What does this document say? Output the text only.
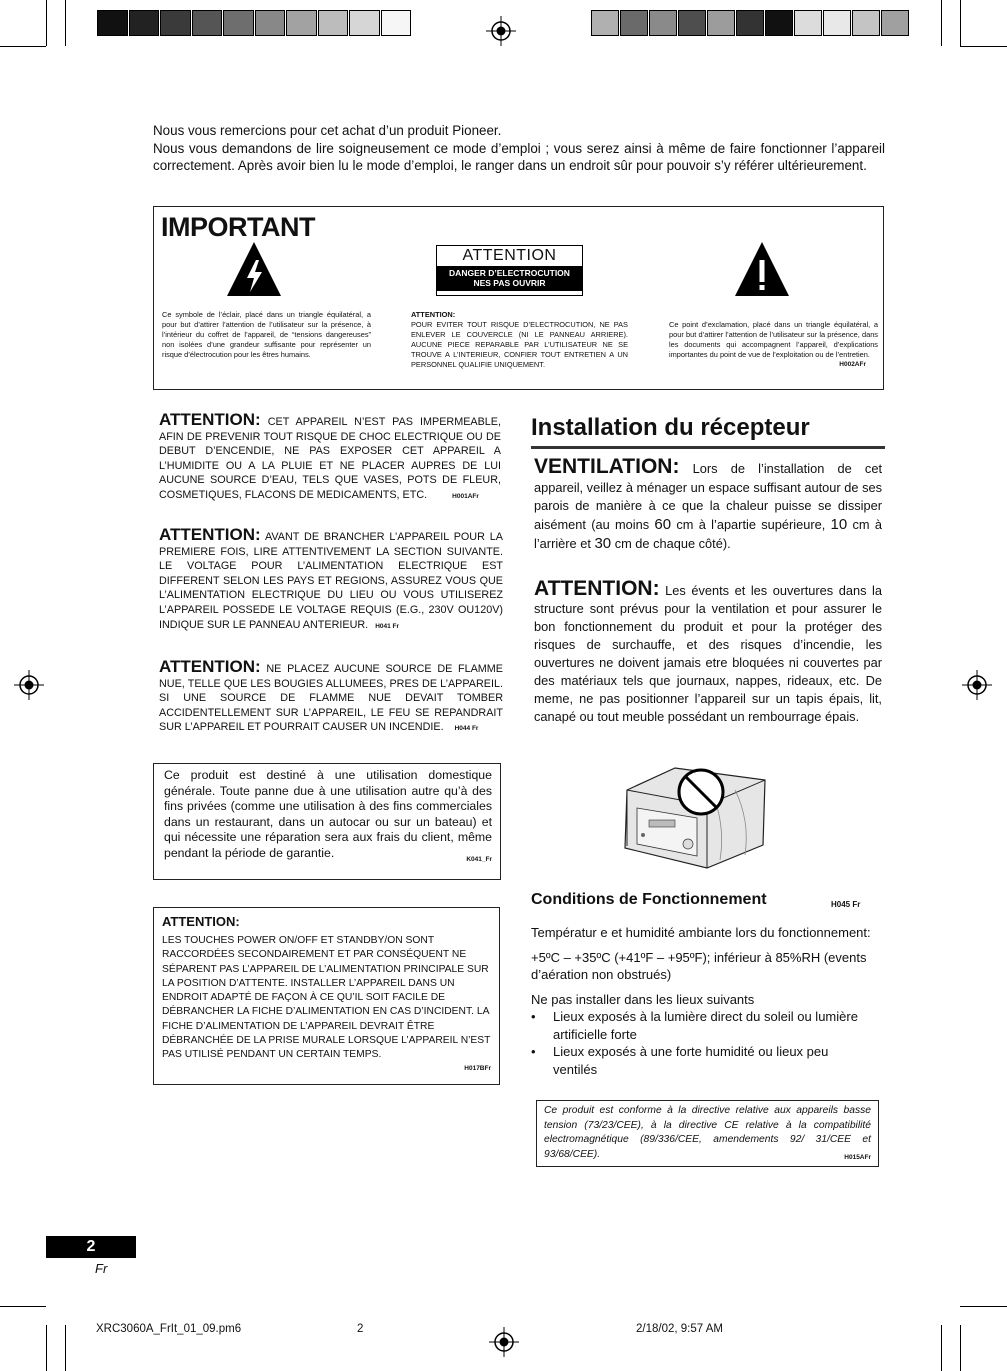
Nous vous remercions pour cet achat d’un produit Pioneer.

Nous vous demandons de lire soigneusement ce mode d’emploi ; vous serez ainsi à même de faire fonctionner l’appareil correctement. Après avoir bien lu le mode d’emploi, le ranger dans un endroit sûr pour pouvoir s’y référer ultérieurement.

IMPORTANT
ATTENTION
DANGER D’ELECTROCUTION
NES PAS OUVRIR
Ce symbole de l’éclair, placé dans un triangle équilatéral, a pour but d’attirer l’attention de l’utilisateur sur la présence, à l’intérieur du coffret de l’appareil, de “tensions dangereuses” non isolées d’une grandeur suffisante pour représenter un risque d’électrocution pour les êtres humains.
ATTENTION:
POUR EVITER TOUT RISQUE D’ELECTROCUTION, NE PAS ENLEVER LE COUVERCLE (NI LE PANNEAU ARRIERE). AUCUNE PIECE REPARABLE PAR L’UTILISATEUR NE SE TROUVE A L’INTERIEUR, CONFIER TOUT ENTRETIEN A UN PERSONNEL QUALIFIE UNIQUEMENT.
Ce point d’exclamation, placé dans un triangle équilatéral, a pour but d’attirer l’attention de l’utilisateur sur la présence, dans les documents qui accompagnent l’appareil, d’explications importantes du point de vue de l’exploitation ou de l’entretien.
H002AFr
ATTENTION: CET APPAREIL N’EST PAS IMPERMEABLE, AFIN DE PREVENIR TOUT RISQUE DE CHOC ELECTRIQUE OU DE DEBUT D’ENCENDIE, NE PAS EXPOSER CET APPAREIL A L’HUMIDITE OU A LA PLUIE ET NE PLACER AUPRES DE LUI AUCUNE SOURCE D’EAU, TELS QUE VASES, POTS DE FLEUR, COSMETIQUES, FLACONS DE MEDICAMENTS, ETC.	H001AFr
ATTENTION: AVANT DE BRANCHER L’APPAREIL POUR LA PREMIERE FOIS, LIRE ATTENTIVEMENT LA SECTION SUIVANTE. LE VOLTAGE POUR L’ALIMENTATION ELECTRIQUE EST DIFFERENT SELON LES PAYS ET REGIONS, ASSUREZ VOUS QUE L’ALIMENTATION ELECTRIQUE DU LIEU OU VOUS UTILISEREZ L’APPAREIL POSSEDE LE VOLTAGE REQUIS (E.G., 230V OU120V) INDIQUE SUR LE PANNEAU ANTERIEUR. H041 Fr
ATTENTION: NE PLACEZ AUCUNE SOURCE DE FLAMME NUE, TELLE QUE LES BOUGIES ALLUMEES, PRES DE L’APPAREIL. SI UNE SOURCE DE FLAMME NUE DEVAIT TOMBER ACCIDENTELLEMENT SUR L’APPAREIL, LE FEU SE REPANDRAIT SUR L’APPAREIL ET POURRAIT CAUSER UN INCENDIE. H044 Fr
Ce produit est destiné à une utilisation domestique générale. Toute panne due à une utilisation autre qu’à des fins privées (comme une utilisation à des fins commerciales dans un restaurant, dans un autocar ou sur un bateau) et qui nécessite une réparation sera aux frais du client, même pendant la période de garantie.	K041_Fr
ATTENTION:
LES TOUCHES POWER ON/OFF ET STANDBY/ON SONT RACCORDÉES SECONDAIREMENT ET PAR CONSÉQUENT NE SÉPARENT PAS L’APPAREIL DE L’ALIMENTATION PRINCIPALE SUR LA POSITION D’ATTENTE. INSTALLER L’APPAREIL DANS UN ENDROIT ADAPTÉ DE FAÇON À CE QU’IL SOIT FACILE DE DÉBRANCHER LA FICHE D’ALIMENTATION EN CAS D’INCIDENT. LA FICHE D’ALIMENTATION DE L’APPAREIL DEVRAIT ÊTRE DÉBRANCHÉE DE LA PRISE MURALE LORSQUE L’APPAREIL N’EST PAS UTILISÉ PENDANT UN CERTAIN TEMPS.
H017BFr
Installation du récepteur
VENTILATION: Lors de l’installation de cet appareil, veillez à ménager un espace suffisant autour de ses parois de manière à ce que la chaleur puisse se dissiper aisément (au moins 60 cm à l’apartie supérieure, 10 cm à l’arrière et 30 cm de chaque côté).
ATTENTION: Les évents et les ouvertures dans la structure sont prévus pour la ventilation et pour assurer le bon fonctionnement du produit et pour la protéger des risques de surchauffe, et des risques d’incendie, les ouvertures ne doivent jamais etre bloquées ni couvertes par des matériaux tels que journaux, nappes, rideaux, etc. De meme, ne pas positionner l’appareil sur un tapis épais, lit, canapé ou tout meuble possédant un rembourrage épais.
Conditions de Fonctionnement	H045 Fr

Températur e et humidité ambiante lors du fonctionnement:

+5ºC – +35ºC (+41ºF – +95ºF); inférieur à 85%RH (events d’aération non obstrués)

Ne pas installer dans les lieux suivants

• Lieux exposés à la lumière direct du soleil ou lumière artificielle forte
• Lieux exposés à une forte humidité ou lieux peu ventilés
Ce produit est conforme à la directive relative aux appareils basse tension (73/23/CEE), à la directive CE relative à la compatibilité electromagnétique (89/336/CEE, amendements 92/ 31/CEE et 93/68/CEE).	H015AFr
2
Fr
XRC3060A_FrIt_01_09.pm6	2	2/18/02, 9:57 AM
